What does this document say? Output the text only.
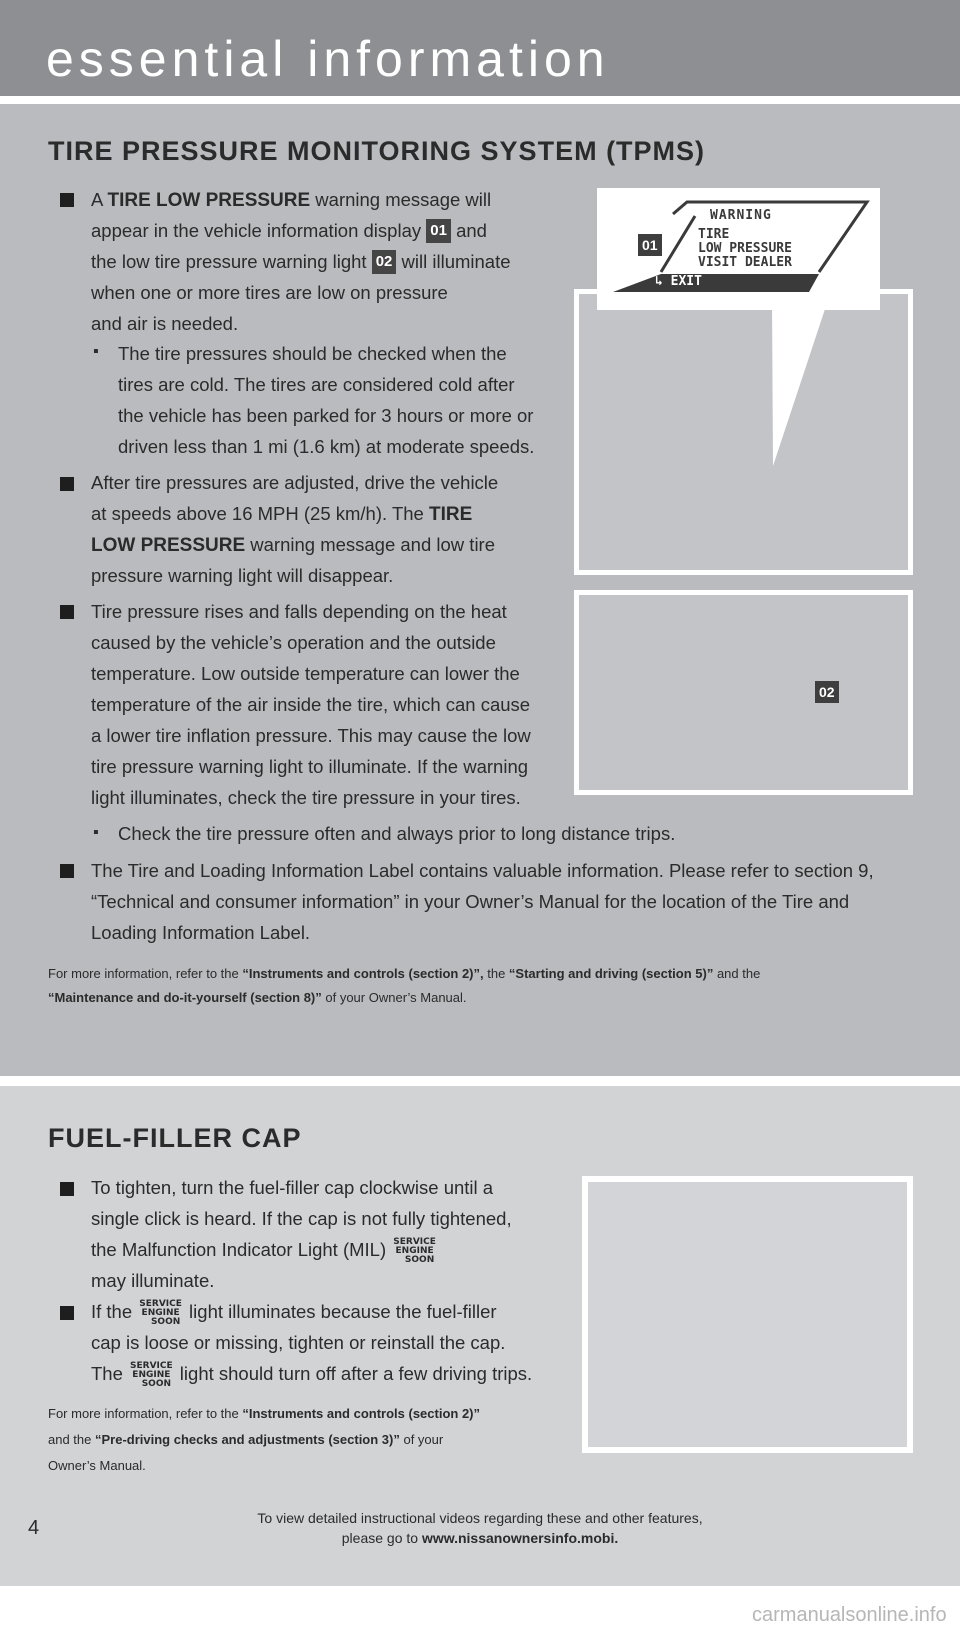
essential information
TIRE PRESSURE MONITORING SYSTEM (TPMS)
A TIRE LOW PRESSURE warning message will
appear in the vehicle information display 01 and
the low tire pressure warning light 02 will illuminate
when one or more tires are low on pressure
and air is needed.
▪ The tire pressures should be checked when the
tires are cold. The tires are considered cold after
the vehicle has been parked for 3 hours or more or
driven less than 1 mi (1.6 km) at moderate speeds.
After tire pressures are adjusted, drive the vehicle
at speeds above 16 MPH (25 km/h). The TIRE
LOW PRESSURE warning message and low tire
pressure warning light will disappear.
Tire pressure rises and falls depending on the heat
caused by the vehicle’s operation and the outside
temperature. Low outside temperature can lower the
temperature of the air inside the tire, which can cause
a lower tire inflation pressure. This may cause the low
tire pressure warning light to illuminate. If the warning
light illuminates, check the tire pressure in your tires.
▪ Check the tire pressure often and always prior to long distance trips.
The Tire and Loading Information Label contains valuable information. Please refer to section 9,
“Technical and consumer information” in your Owner’s Manual for the location of the Tire and
Loading Information Label.
For more information, refer to the “Instruments and controls (section 2)”, the “Starting and driving (section 5)” and the
“Maintenance and do-it-yourself (section 8)” of your Owner’s Manual.
WARNING
TIRE
LOW PRESSURE
VISIT DEALER
↳ EXIT
01
02
FUEL-FILLER CAP
To tighten, turn the fuel-filler cap clockwise until a
single click is heard. If the cap is not fully tightened,
the Malfunction Indicator Light (MIL) SERVICE
ENGINE
SOON
may illuminate.
If the SERVICE
ENGINE
SOON light illuminates because the fuel-filler
cap is loose or missing, tighten or reinstall the cap.
The SERVICE
ENGINE
SOON light should turn off after a few driving trips.
For more information, refer to the “Instruments and controls (section 2)”
and the “Pre-driving checks and adjustments (section 3)” of your
Owner’s Manual.
To view detailed instructional videos regarding these and other features,
please go to www.nissanownersinfo.mobi.
4
carmanualsonline.info
